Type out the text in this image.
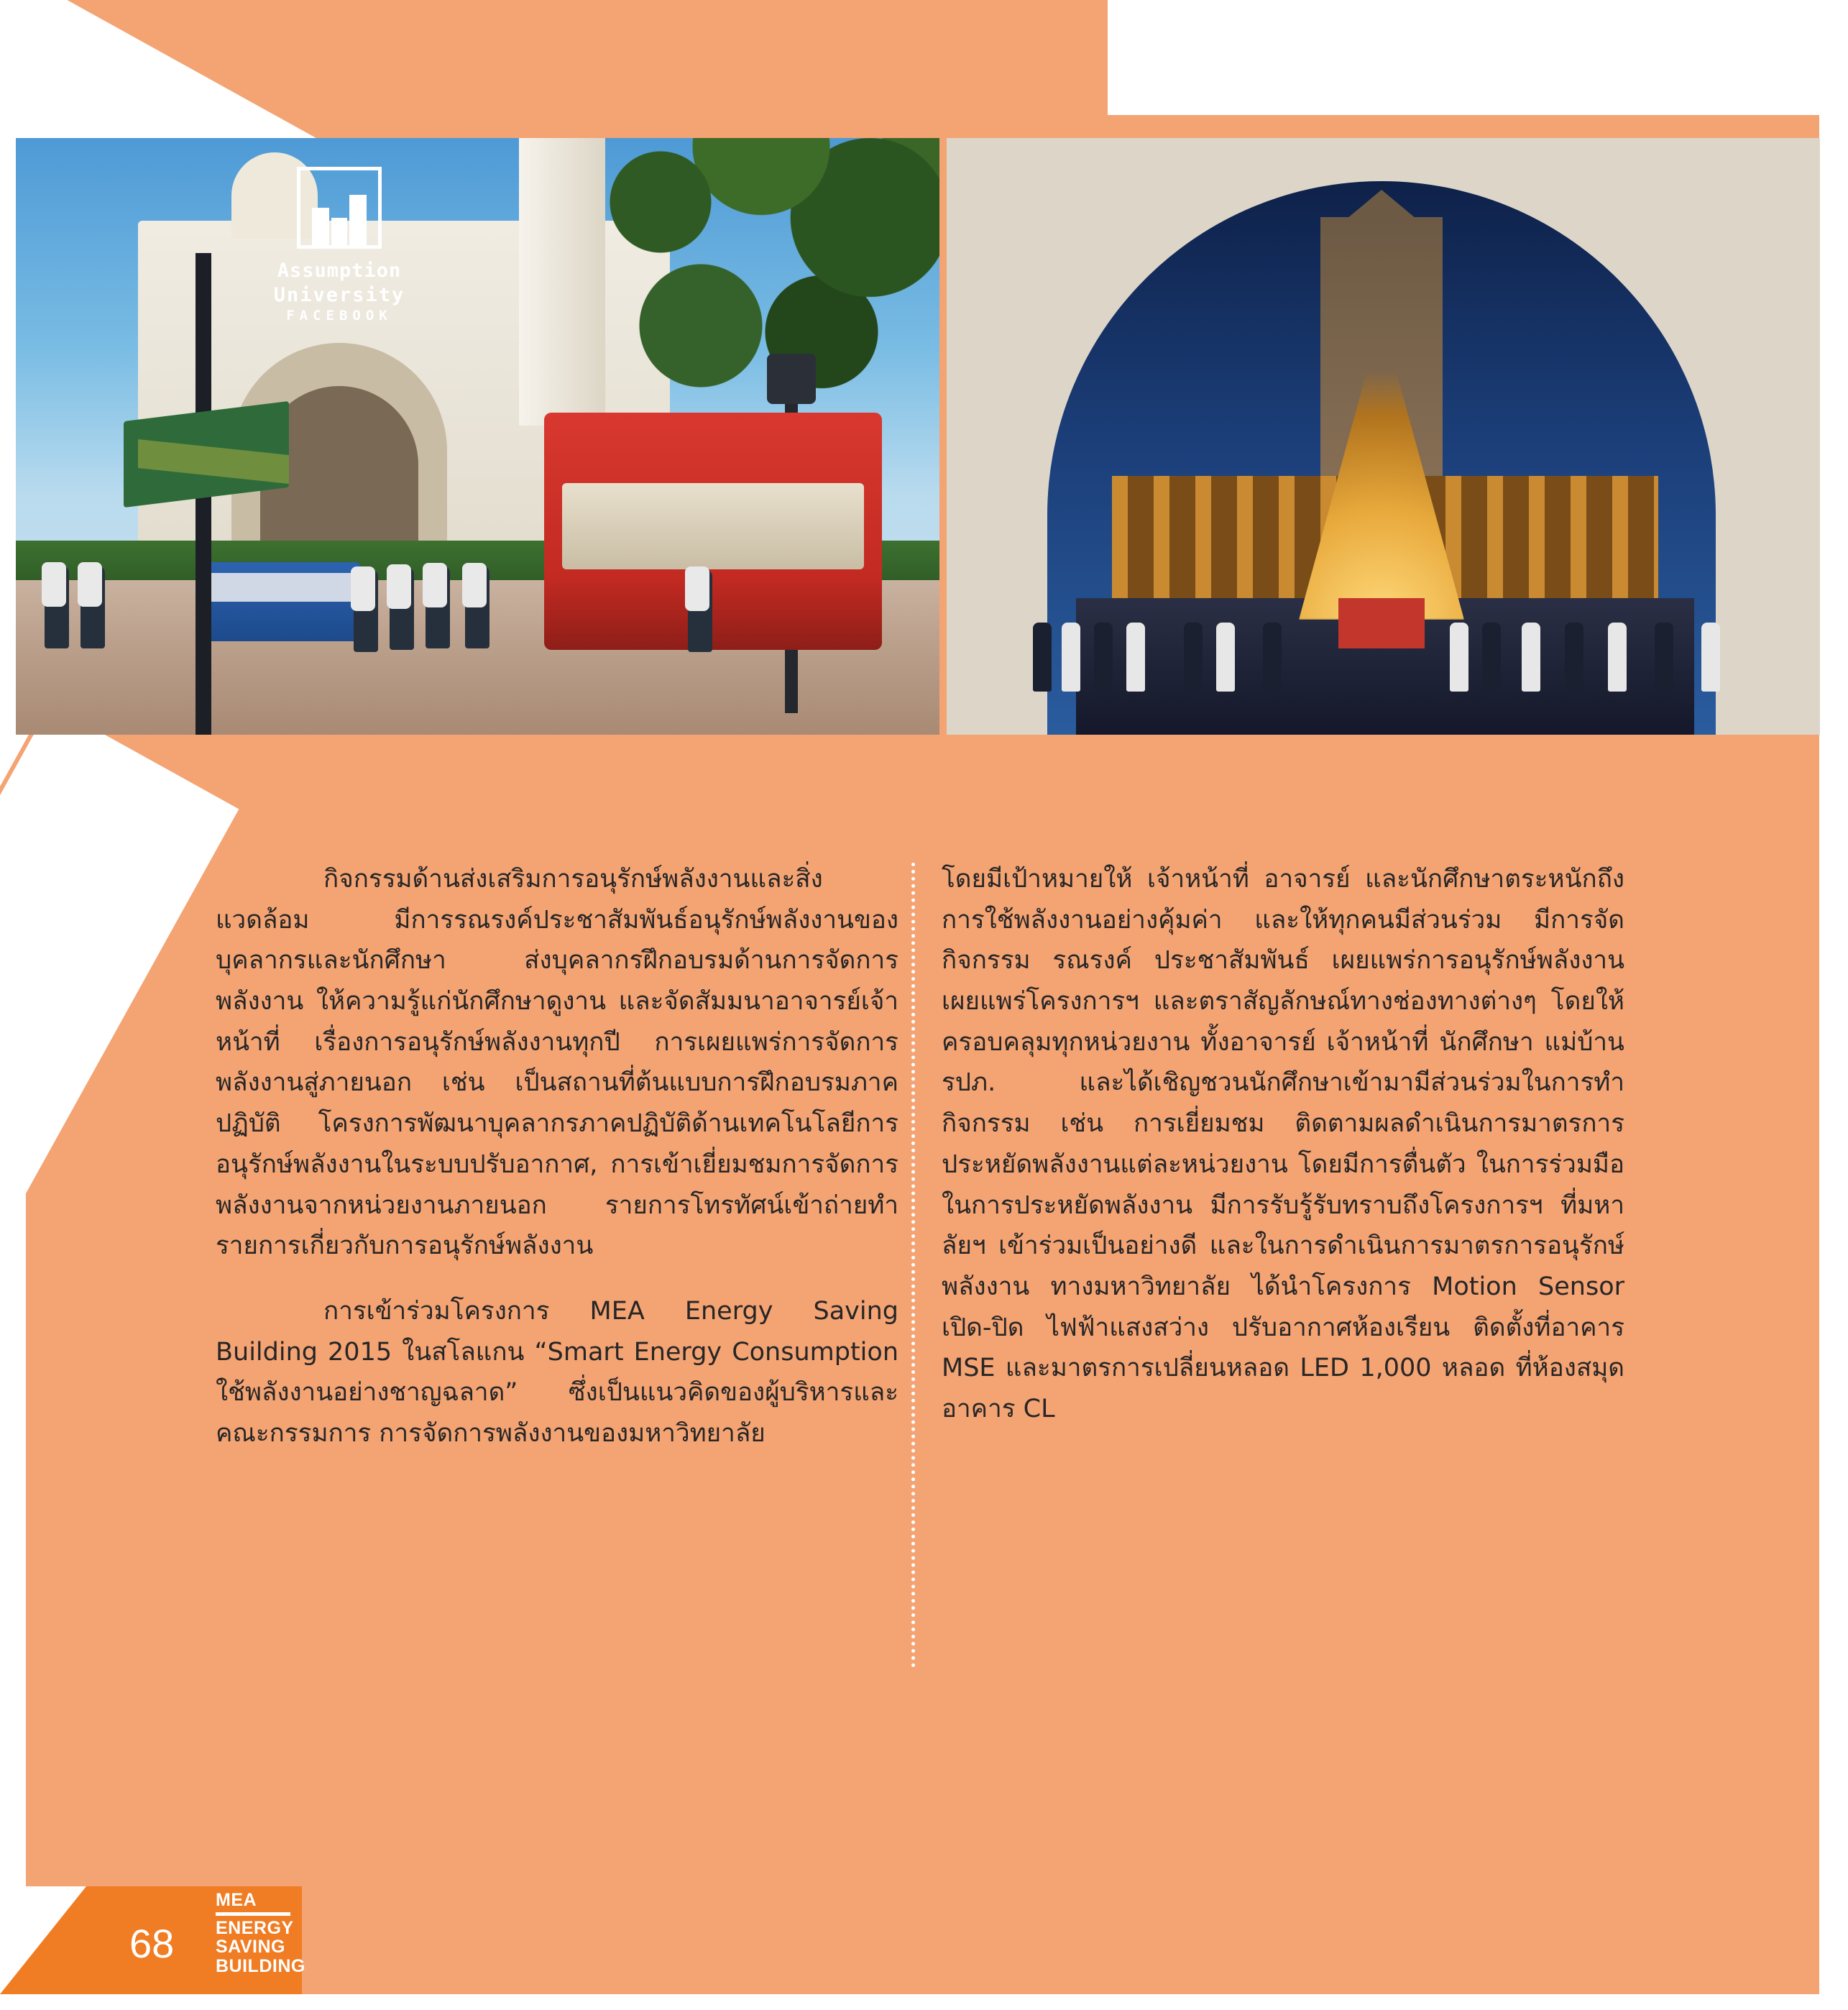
Assumption
University
FACEBOOK

กิจกรรมด้านส่งเสริมการอนุรักษ์พลังงานและสิ่งแวดล้อม มีการรณรงค์ประชาสัมพันธ์อนุรักษ์พลังงานของบุคลากรและนักศึกษา ส่งบุคลากรฝึกอบรมด้านการจัดการพลังงาน ให้ความรู้แก่นักศึกษาดูงาน และจัดสัมมนาอาจารย์เจ้าหน้าที่ เรื่องการอนุรักษ์พลังงานทุกปี การเผยแพร่การจัดการพลังงานสู่ภายนอก เช่น เป็นสถานที่ต้นแบบการฝึกอบรมภาคปฏิบัติ โครงการพัฒนาบุคลากรภาคปฏิบัติด้านเทคโนโลยีการอนุรักษ์พลังงานในระบบปรับอากาศ, การเข้าเยี่ยมชมการจัดการพลังงานจากหน่วยงานภายนอก รายการโทรทัศน์เข้าถ่ายทำรายการเกี่ยวกับการอนุรักษ์พลังงาน

การเข้าร่วมโครงการ MEA Energy Saving Building 2015 ในสโลแกน “Smart Energy Consumption ใช้พลังงานอย่างชาญฉลาด” ซึ่งเป็นแนวคิดของผู้บริหารและคณะกรรมการ การจัดการพลังงานของมหาวิทยาลัย

โดยมีเป้าหมายให้ เจ้าหน้าที่ อาจารย์ และนักศึกษาตระหนักถึงการใช้พลังงานอย่างคุ้มค่า และให้ทุกคนมีส่วนร่วม มีการจัดกิจกรรม รณรงค์ ประชาสัมพันธ์ เผยแพร่การอนุรักษ์พลังงาน เผยแพร่โครงการฯ และตราสัญลักษณ์ทางช่องทางต่างๆ โดยให้ครอบคลุมทุกหน่วยงาน ทั้งอาจารย์ เจ้าหน้าที่ นักศึกษา แม่บ้าน รปภ. และได้เชิญชวนนักศึกษาเข้ามามีส่วนร่วมในการทำกิจกรรม เช่น การเยี่ยมชม ติดตามผลดำเนินการมาตรการประหยัดพลังงานแต่ละหน่วยงาน โดยมีการตื่นตัว ในการร่วมมือในการประหยัดพลังงาน มีการรับรู้รับทราบถึงโครงการฯ ที่มหาลัยฯ เข้าร่วมเป็นอย่างดี และในการดำเนินการมาตรการอนุรักษ์พลังงาน ทางมหาวิทยาลัย ได้นำโครงการ Motion Sensor เปิด-ปิด ไฟฟ้าแสงสว่าง ปรับอากาศห้องเรียน ติดตั้งที่อาคาร MSE และมาตรการเปลี่ยนหลอด LED 1,000 หลอด ที่ห้องสมุด อาคาร CL

68
MEA
ENERGY
SAVING
BUILDING
